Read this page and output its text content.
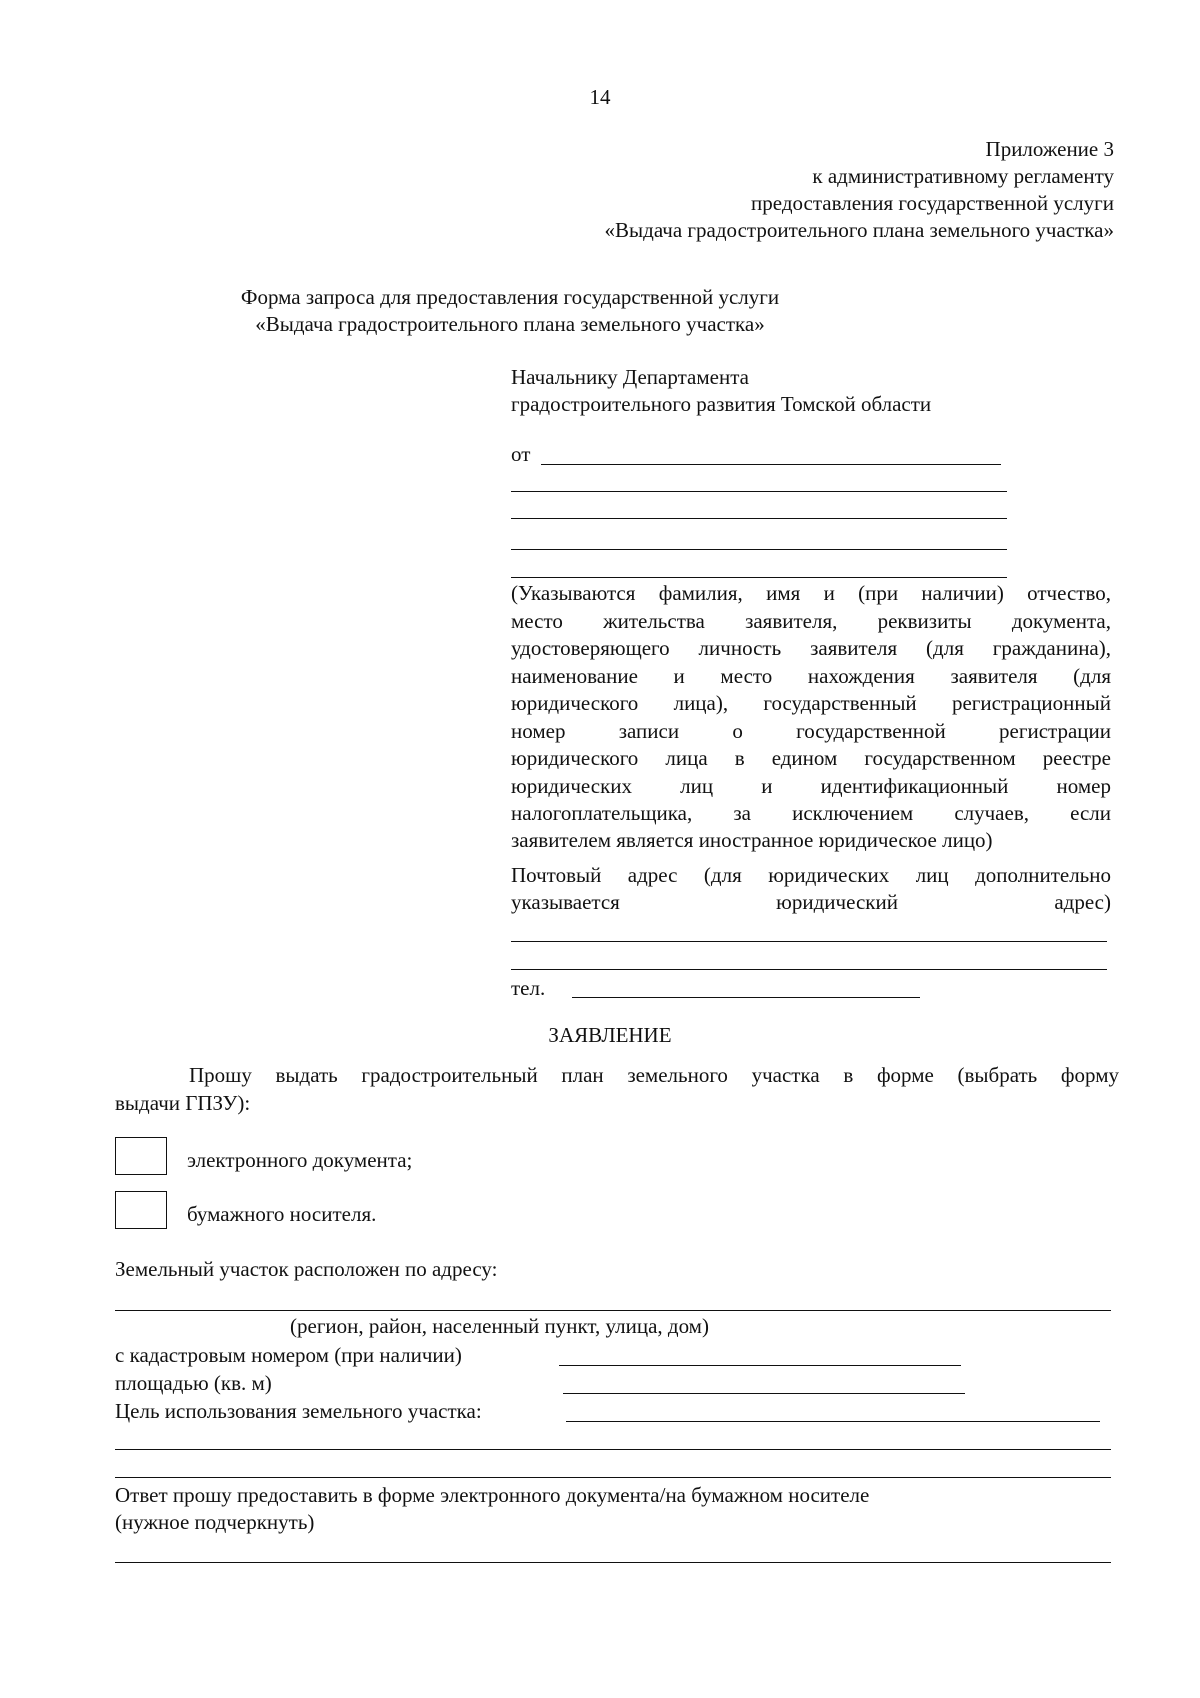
14
Приложение 3
к административному регламенту
предоставления государственной услуги
«Выдача градостроительного плана земельного участка»
Форма запроса для предоставления государственной услуги
«Выдача градостроительного плана земельного участка»
Начальнику Департамента
градостроительного развития Томской области
от
(Указываются фамилия, имя и (при наличии) отчество,
место жительства заявителя, реквизиты документа,
удостоверяющего личность заявителя (для гражданина),
наименование и место нахождения заявителя (для
юридического лица), государственный регистрационный
номер записи о государственной регистрации
юридического лица в едином государственном реестре
юридических лиц и идентификационный номер
налогоплательщика, за исключением случаев, если
заявителем является иностранное юридическое лицо)
Почтовый адрес (для юридических лиц дополнительно
указывается юридический адрес)
тел.
ЗАЯВЛЕНИЕ
Прошу выдать градостроительный план земельного участка в форме (выбрать форму
выдачи ГПЗУ):
электронного документа;
бумажного носителя.
Земельный участок расположен по адресу:
(регион, район, населенный пункт, улица, дом)
с кадастровым номером (при наличии)
площадью (кв. м)
Цель использования земельного участка:
Ответ прошу предоставить в форме электронного документа/на бумажном носителе
(нужное подчеркнуть)
